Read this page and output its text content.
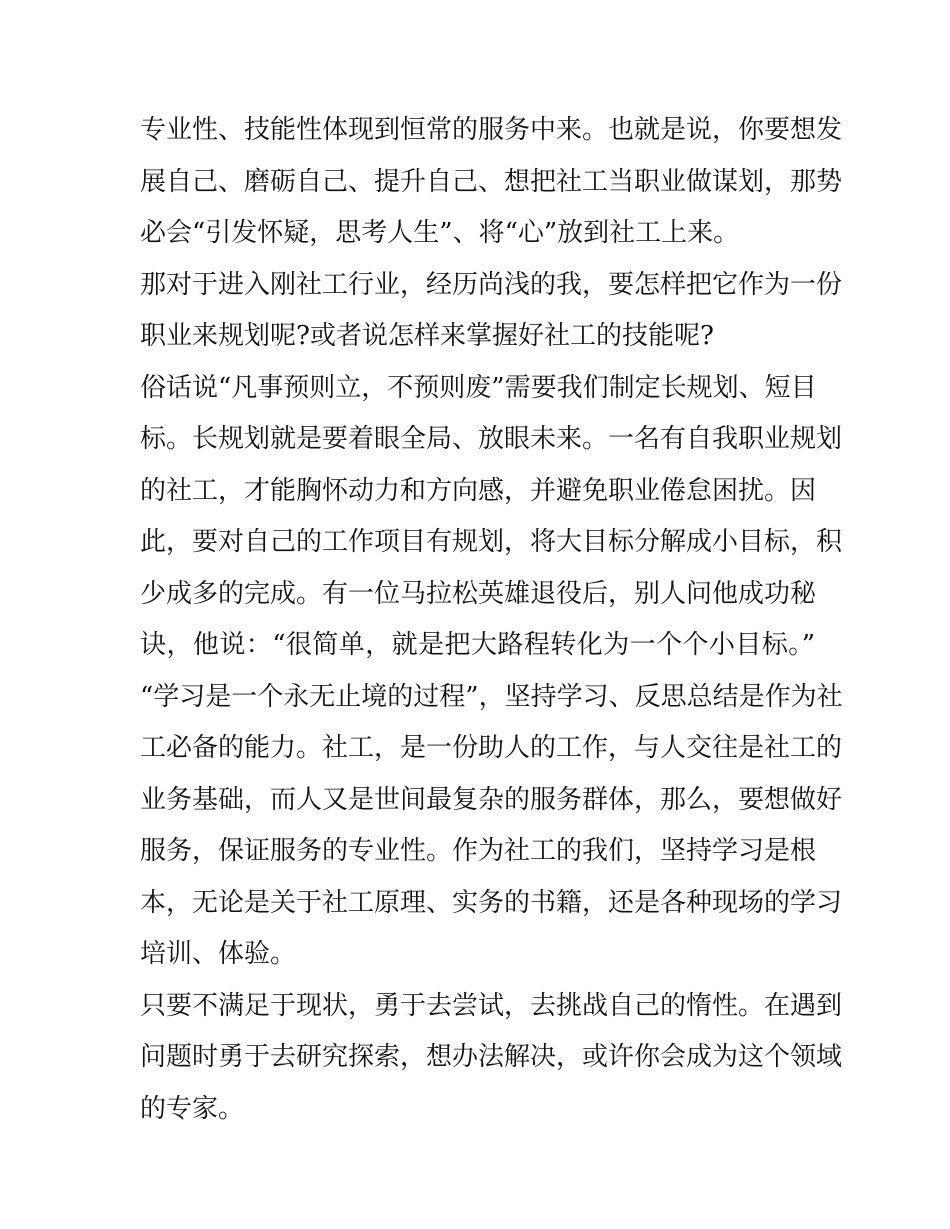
专业性、技能性体现到恒常的服务中来。也就是说，你要想发
展自己、磨砺自己、提升自己、想把社工当职业做谋划，那势
必会“引发怀疑，思考人生”、将“心”放到社工上来。
那对于进入刚社工行业，经历尚浅的我，要怎样把它作为一份
职业来规划呢?或者说怎样来掌握好社工的技能呢?
俗话说“凡事预则立，不预则废”需要我们制定长规划、短目
标。长规划就是要着眼全局、放眼未来。一名有自我职业规划
的社工，才能胸怀动力和方向感，并避免职业倦怠困扰。因
此，要对自己的工作项目有规划，将大目标分解成小目标，积
少成多的完成。有一位马拉松英雄退役后，别人问他成功秘
诀，他说：“很简单，就是把大路程转化为一个个小目标。”
“学习是一个永无止境的过程”，坚持学习、反思总结是作为社
工必备的能力。社工，是一份助人的工作，与人交往是社工的
业务基础，而人又是世间最复杂的服务群体，那么，要想做好
服务，保证服务的专业性。作为社工的我们，坚持学习是根
本，无论是关于社工原理、实务的书籍，还是各种现场的学习
培训、体验。
只要不满足于现状，勇于去尝试，去挑战自己的惰性。在遇到
问题时勇于去研究探索，想办法解决，或许你会成为这个领域
的专家。
